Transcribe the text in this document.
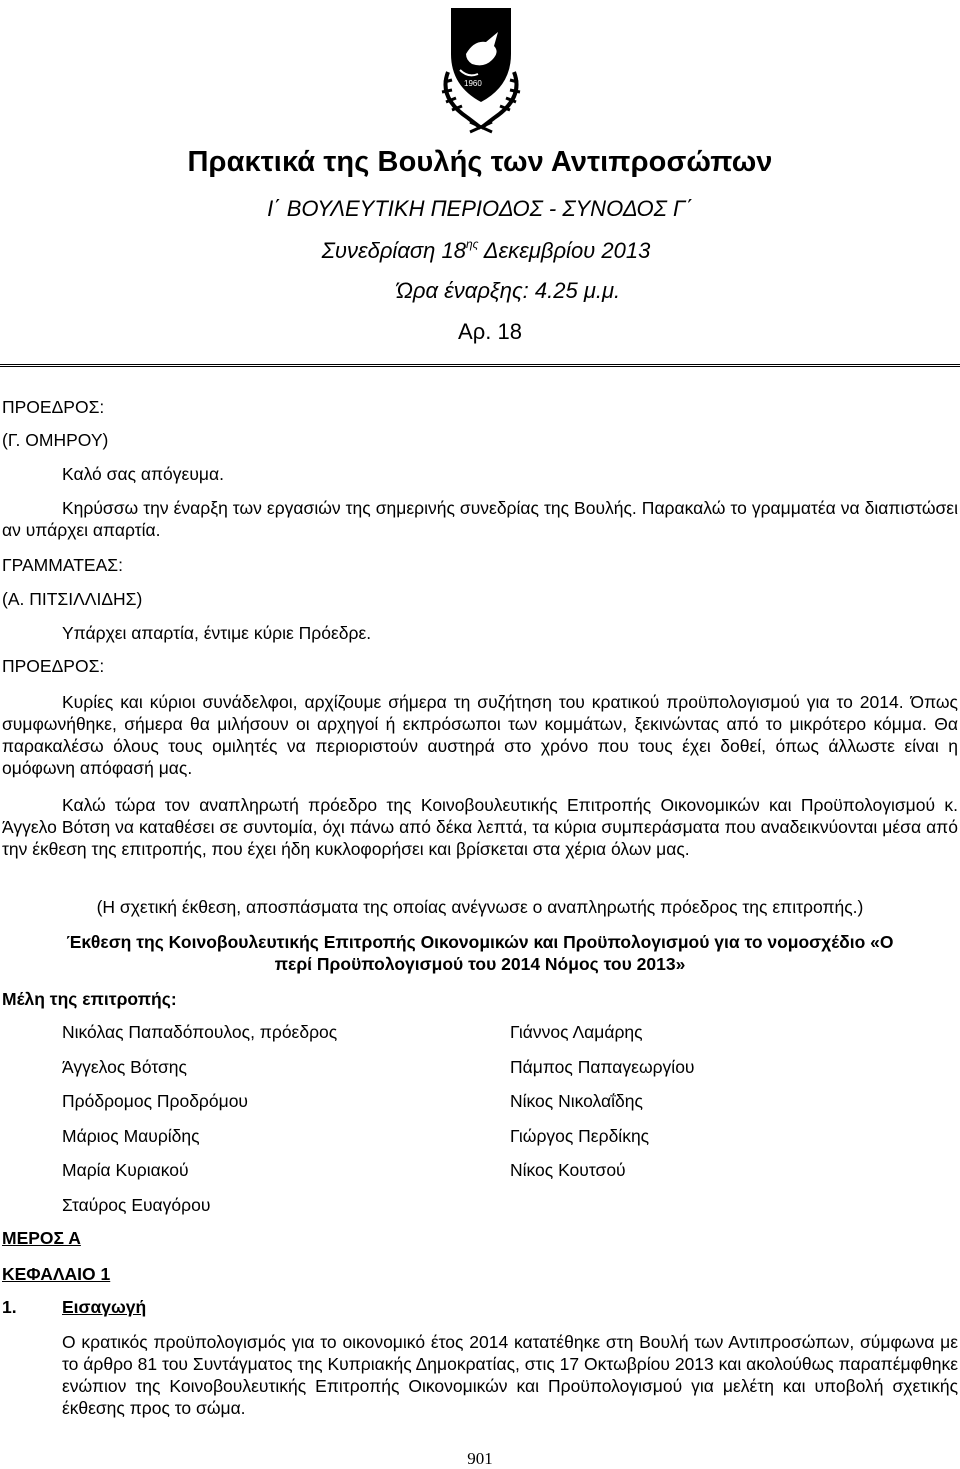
1960
Πρακτικά της Βουλής των Αντιπροσώπων
Ι΄ ΒΟΥΛΕΥΤΙΚΗ ΠΕΡΙΟΔΟΣ - ΣΥΝΟΔΟΣ Γ΄
Συνεδρίαση $18^{\eta\varsigma}$ Δεκεμβρίου 2013
Ώρα έναρξης: 4.25 μ.μ.
Αρ. 18
ΠΡΟΕΔΡΟΣ:
(Γ. ΟΜΗΡΟΥ)
Καλό σας απόγευμα.
Κηρύσσω την έναρξη των εργασιών της σημερινής συνεδρίας της Βουλής. Παρακαλώ το γραμματέα να διαπιστώσει αν υπάρχει απαρτία.
ΓΡΑΜΜΑΤΕΑΣ:
(Α. ΠΙΤΣΙΛΛΙΔΗΣ)
Υπάρχει απαρτία, έντιμε κύριε Πρόεδρε.
ΠΡΟΕΔΡΟΣ:
Κυρίες και κύριοι συνάδελφοι, αρχίζουμε σήμερα τη συζήτηση του κρατικού προϋπολογισμού για το 2014. Όπως συμφωνήθηκε, σήμερα θα μιλήσουν οι αρχηγοί ή εκπρόσωποι των κομμάτων, ξεκινώντας από το μικρότερο κόμμα. Θα παρακαλέσω όλους τους ομιλητές να περιοριστούν αυστηρά στο χρόνο που τους έχει δοθεί, όπως άλλωστε είναι η ομόφωνη απόφασή μας.
Καλώ τώρα τον αναπληρωτή πρόεδρο της Κοινοβουλευτικής Επιτροπής Οικονομικών και Προϋπολογισμού κ. Άγγελο Βότση να καταθέσει σε συντομία, όχι πάνω από δέκα λεπτά, τα κύρια συμπεράσματα που αναδεικνύονται μέσα από την έκθεση της επιτροπής, που έχει ήδη κυκλοφορήσει και βρίσκεται στα χέρια όλων μας.
(Η σχετική έκθεση, αποσπάσματα της οποίας ανέγνωσε ο αναπληρωτής πρόεδρος της επιτροπής.)
Έκθεση της Κοινοβουλευτικής Επιτροπής Οικονομικών και Προϋπολογισμού για το νομοσχέδιο «Ο
περί Προϋπολογισμού του 2014 Νόμος του 2013»
Μέλη της επιτροπής:
Νικόλας Παπαδόπουλος, πρόεδρος
Άγγελος Βότσης
Πρόδρομος Προδρόμου
Μάριος Μαυρίδης
Μαρία Κυριακού
Σταύρος Ευαγόρου
Γιάννος Λαμάρης
Πάμπος Παπαγεωργίου
Νίκος Νικολαΐδης
Γιώργος Περδίκης
Νίκος Κουτσού
ΜΕΡΟΣ Α
ΚΕΦΑΛΑΙΟ 1
1.	Εισαγωγή
Ο κρατικός προϋπολογισμός για το οικονομικό έτος 2014 κατατέθηκε στη Βουλή των Αντιπροσώπων, σύμφωνα με το άρθρο 81 του Συντάγματος της Κυπριακής Δημοκρατίας, στις 17 Οκτωβρίου 2013 και ακολούθως παραπέμφθηκε ενώπιον της Κοινοβουλευτικής Επιτροπής Οικονομικών και Προϋπολογισμού για μελέτη και υποβολή σχετικής έκθεσης προς το σώμα.
901
